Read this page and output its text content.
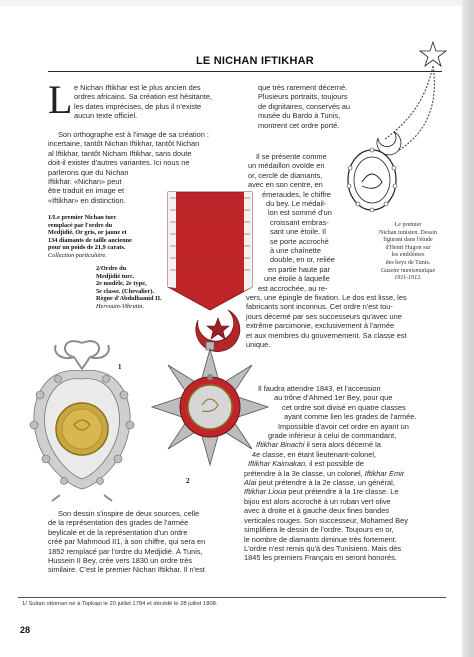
LE NICHAN IFTIKHAR
L e Nichan Iftikhar est le plus ancien des
ordres africains. Sa création est hésitante,
les dates imprécises, de plus il n'existe
aucun texte officiel.
Son orthographe est à l'image de sa création :
incertaine, tantôt Nichan Iftikhar, tantôt Nichan
al Iftikhar, tantôt Nicham Iftikhar, sans doute
doit-il exister d'autres variantes. Ici nous ne
parlerons que du Nichan
Iftikhar. «Nichan» peut
être traduit en image et
«Iftikhar» en distinction.
1/Le premier Nichan turc
remplacé par l'ordre du
Medjidié. Or gris, or jaune et
134 diamants de taille ancienne
pour un poids de 21,9 carats.
Collection particulière.
2/Ordre du
Medjidié turc.
2e modèle, 2e type,
5e classe. (Chevalier).
Règne d'Abdulhamid II.
Hervouin-Vibrutin.
1
2
Le premier
Nichan tunisien. Dessin
figurant dans l'étude
d'Henri Hugon sur
les emblèmes
des beys de Tunis.
Gazette numismatique
1911-1912.
que très rarement décerné.
Plusieurs portraits, toujours
de dignitaires, conservés au
musée du Bardo à Tunis,
montrent cet ordre porté.
Il se présente comme
un médaillon ovoïde en
or, cerclé de diamants,
avec en son centre, en
émeraudes, le chiffre
du bey. Le médail-
lon est sommé d'un
croissant embras-
sant une étoile. Il
se porte accroché
à une chaînette
double, en or, reliée
en partie haute par
une étoile à laquelle
est accrochée, au re-
vers, une épingle de fixation. Le dos est lisse, les
fabricants sont inconnus. Cet ordre n'est tou-
jours décerné par ses successeurs qu'avec une
extrême parcimonie, exclusivement à l'armée
et aux membres du gouvernement. Sa classe est
unique.
Il faudra attendre 1843, et l'accession
au trône d'Ahmed 1er Bey, pour que
cet ordre soit divisé en quatre classes
ayant comme lien les grades de l'armée.
Impossible d'avoir cet ordre en ayant un
grade inférieur à celui de commandant,
Iftikhar Binachi il sera alors décerné la
4e classe, en étant lieutenant-colonel,
Iftikhar Kaimakan, il est possible de
prétendre à la 3e classe, un colonel, Iftikhar Emir
Alai peut prétendre à la 2e classe, un général,
Iftikhar Lioua peut prétendre à la 1re classe. Le
bijou est alors accroché à un ruban vert olive
avec à droite et à gauche deux fines bandes
verticales rouges. Son successeur, Mohamed Bey
simplifiera le dessin de l'ordre. Toujours en or,
le nombre de diamants diminue très fortement.
L'ordre n'est remis qu'à des Tunisiens. Mais dès
1845 les premiers Français en seront honorés.
Son dessin s'inspire de deux sources, celle
de la représentation des grades de l'armée
beylicale et de la représentation d'un ordre
créé par Mahmoud II1, à son chiffre, qui sera en
1852 remplacé par l'ordre du Medjidié. À Tunis,
Hussein II Bey, crée vers 1830 un ordre très
similaire. C'est le premier Nichan Iftikhar. Il n'est
1/ Sultan ottoman né à Topkapi le 20 juillet 1784 et décédé le 28 juillet 1808.
28
